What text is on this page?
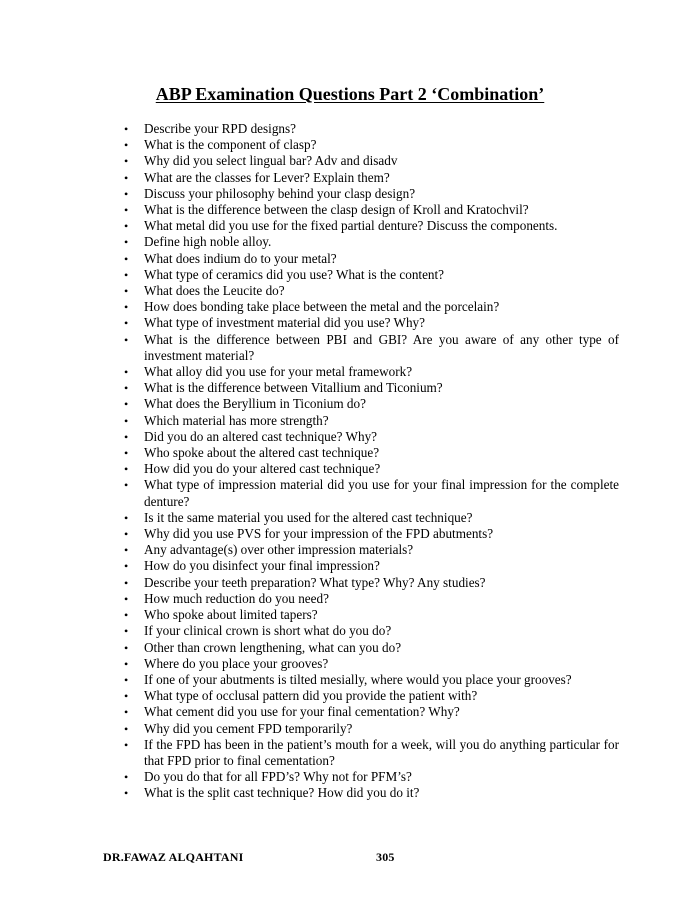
ABP Examination Questions Part 2 ‘Combination’
• Describe your RPD designs?
• What is the component of clasp?
• Why did you select lingual bar? Adv and disadv
• What are the classes for Lever? Explain them?
• Discuss your philosophy behind your clasp design?
• What is the difference between the clasp design of Kroll and Kratochvil?
• What metal did you use for the fixed partial denture? Discuss the components.
• Define high noble alloy.
• What does indium do to your metal?
• What type of ceramics did you use? What is the content?
• What does the Leucite do?
• How does bonding take place between the metal and the porcelain?
• What type of investment material did you use? Why?
• What is the difference between PBI and GBI? Are you aware of any other type of investment material?
• What alloy did you use for your metal framework?
• What is the difference between Vitallium and Ticonium?
• What does the Beryllium in Ticonium do?
• Which material has more strength?
• Did you do an altered cast technique? Why?
• Who spoke about the altered cast technique?
• How did you do your altered cast technique?
• What type of impression material did you use for your final impression for the complete denture?
• Is it the same material you used for the altered cast technique?
• Why did you use PVS for your impression of the FPD abutments?
• Any advantage(s) over other impression materials?
• How do you disinfect your final impression?
• Describe your teeth preparation? What type? Why? Any studies?
• How much reduction do you need?
• Who spoke about limited tapers?
• If your clinical crown is short what do you do?
• Other than crown lengthening, what can you do?
• Where do you place your grooves?
• If one of your abutments is tilted mesially, where would you place your grooves?
• What type of occlusal pattern did you provide the patient with?
• What cement did you use for your final cementation? Why?
• Why did you cement FPD temporarily?
• If the FPD has been in the patient’s mouth for a week, will you do anything particular for that FPD prior to final cementation?
• Do you do that for all FPD’s? Why not for PFM’s?
• What is the split cast technique? How did you do it?
DR.FAWAZ ALQAHTANI	305
